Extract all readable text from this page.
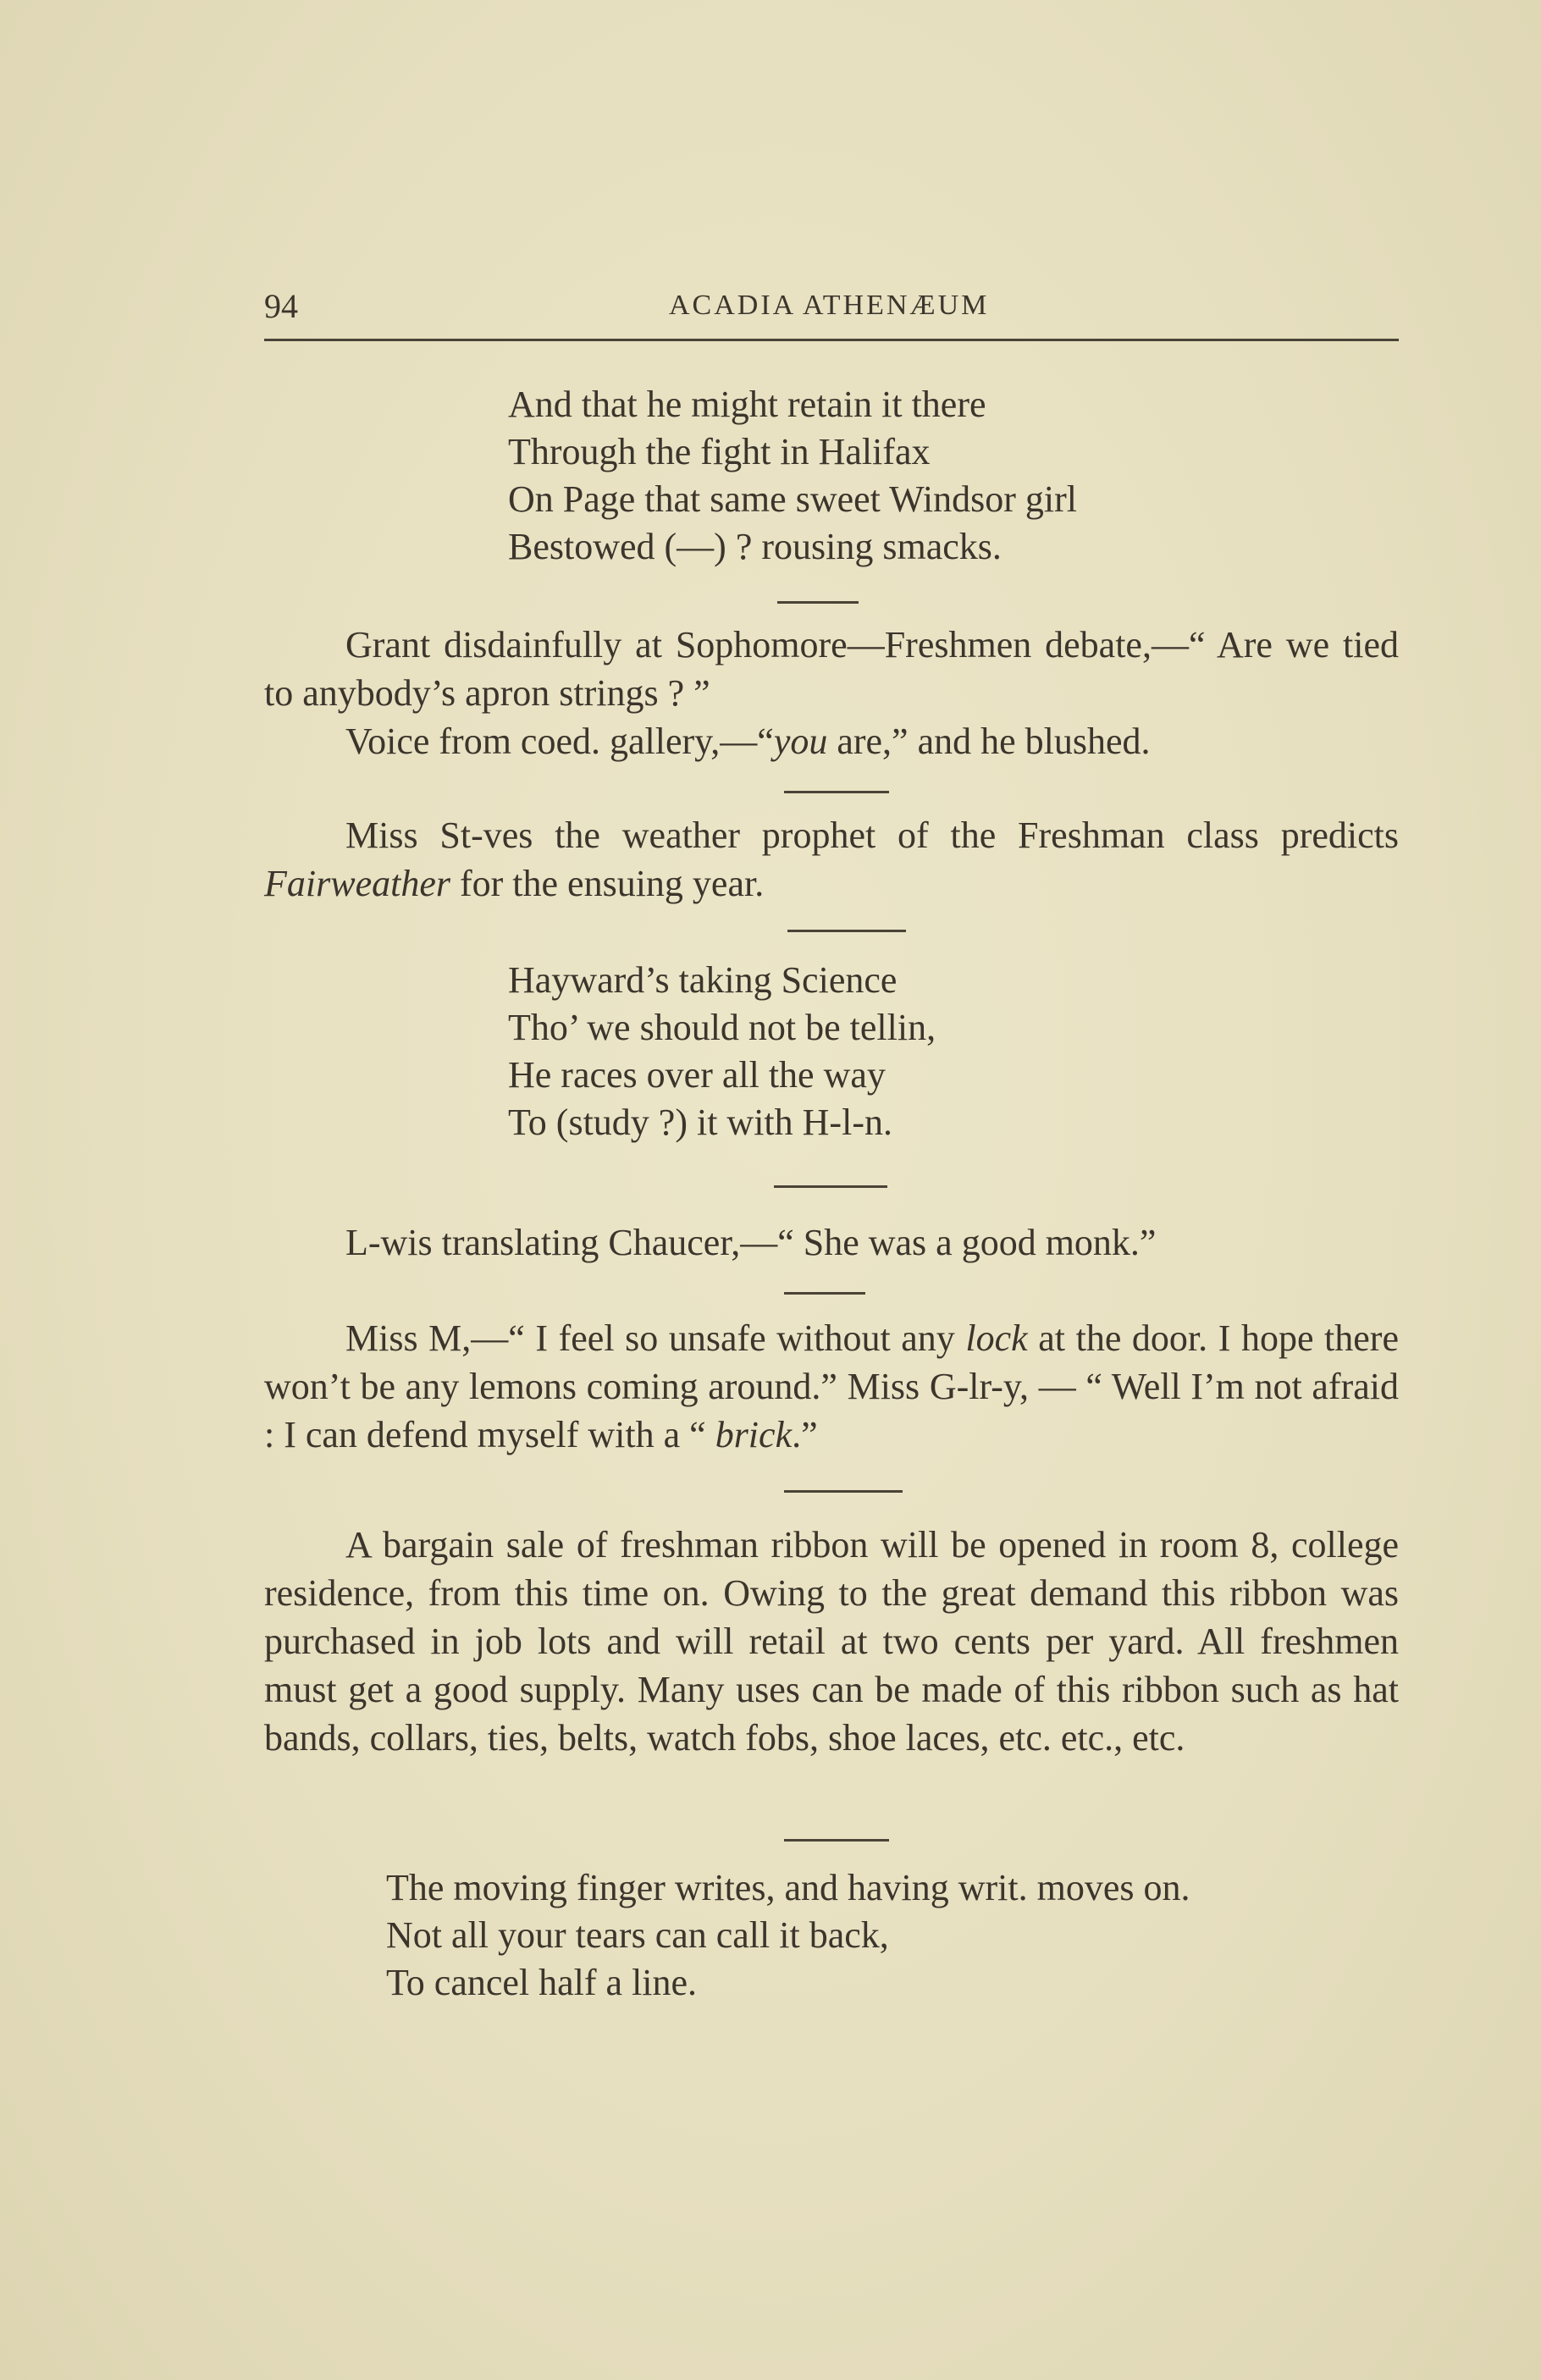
94	ACADIA ATHENÆUM
And that he might retain it there
Through the fight in Halifax
On Page that same sweet Windsor girl
Bestowed (—) ? rousing smacks.
Grant disdainfully at Sophomore—Freshmen debate,—“ Are we tied to anybody’s apron strings ? ”
Voice from coed. gallery,—“you are,” and he blushed.
Miss St-ves the weather prophet of the Freshman class predicts Fairweather for the ensuing year.
Hayward’s taking Science
Tho’ we should not be tellin,
He races over all the way
To (study ?) it with H-l-n.
L-wis translating Chaucer,—“ She was a good monk.”
Miss M,—“ I feel so unsafe without any lock at the door. I hope there won’t be any lemons coming around.” Miss G-lr-y, — “ Well I’m not afraid : I can defend myself with a “ brick.”
A bargain sale of freshman ribbon will be opened in room 8, college residence, from this time on. Owing to the great demand this ribbon was purchased in job lots and will retail at two cents per yard. All freshmen must get a good supply. Many uses can be made of this ribbon such as hat bands, collars, ties, belts, watch fobs, shoe laces, etc. etc., etc.
The moving finger writes, and having writ. moves on.
Not all your tears can call it back,
To cancel half a line.
